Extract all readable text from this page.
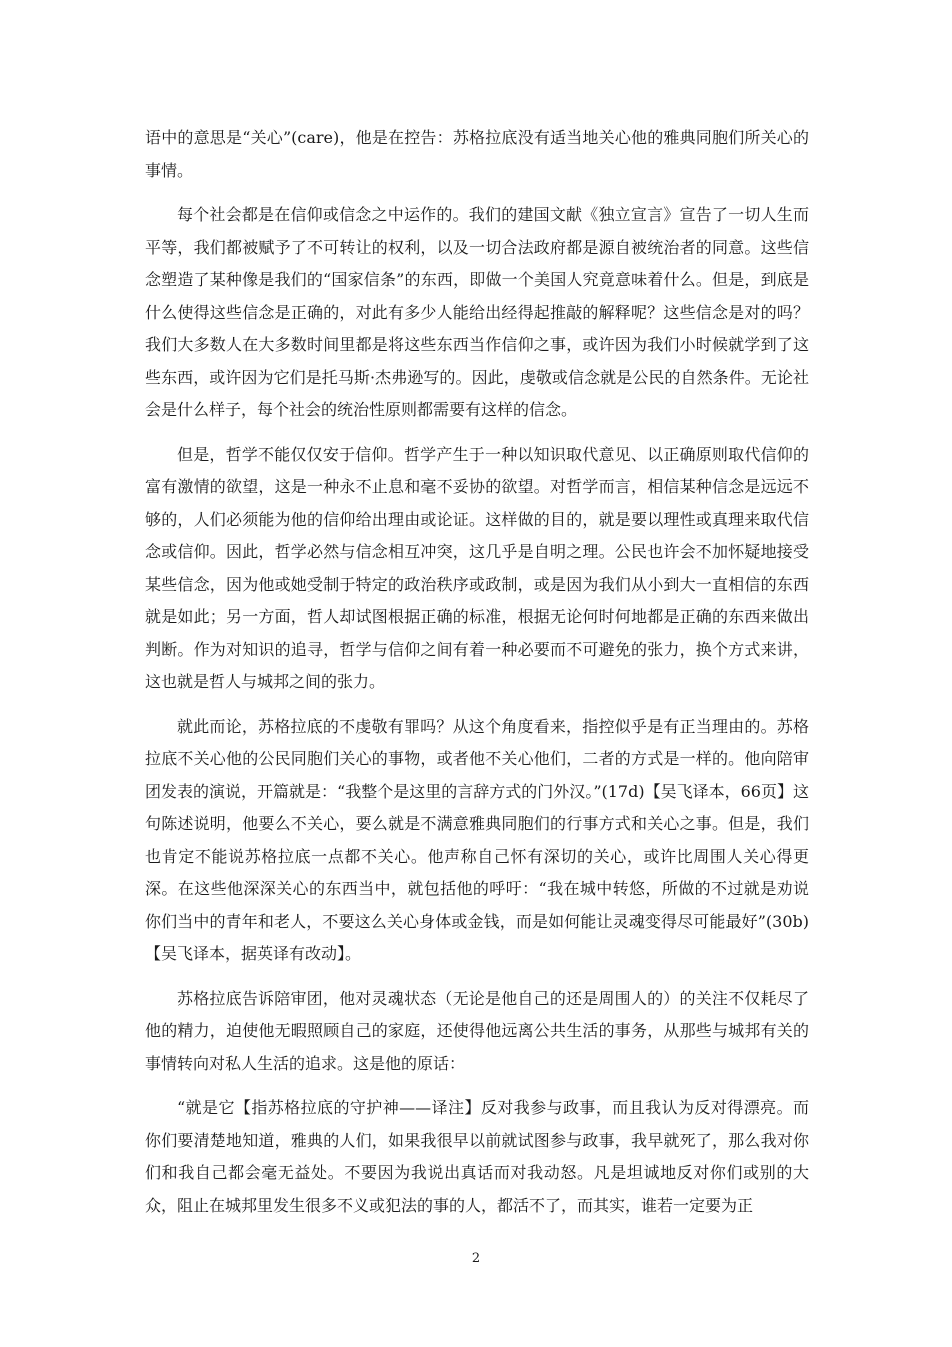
语中的意思是“关心”(care)，他是在控告：苏格拉底没有适当地关心他的雅典同胞们所关心的事情。

每个社会都是在信仰或信念之中运作的。我们的建国文献《独立宣言》宣告了一切人生而平等，我们都被赋予了不可转让的权利，以及一切合法政府都是源自被统治者的同意。这些信念塑造了某种像是我们的“国家信条”的东西，即做一个美国人究竟意味着什么。但是，到底是什么使得这些信念是正确的，对此有多少人能给出经得起推敲的解释呢？这些信念是对的吗？我们大多数人在大多数时间里都是将这些东西当作信仰之事，或许因为我们小时候就学到了这些东西，或许因为它们是托马斯·杰弗逊写的。因此，虔敬或信念就是公民的自然条件。无论社会是什么样子，每个社会的统治性原则都需要有这样的信念。

但是，哲学不能仅仅安于信仰。哲学产生于一种以知识取代意见、以正确原则取代信仰的富有激情的欲望，这是一种永不止息和毫不妥协的欲望。对哲学而言，相信某种信念是远远不够的，人们必须能为他的信仰给出理由或论证。这样做的目的，就是要以理性或真理来取代信念或信仰。因此，哲学必然与信念相互冲突，这几乎是自明之理。公民也许会不加怀疑地接受某些信念，因为他或她受制于特定的政治秩序或政制，或是因为我们从小到大一直相信的东西就是如此；另一方面，哲人却试图根据正确的标准，根据无论何时何地都是正确的东西来做出判断。作为对知识的追寻，哲学与信仰之间有着一种必要而不可避免的张力，换个方式来讲，这也就是哲人与城邦之间的张力。

就此而论，苏格拉底的不虔敬有罪吗？从这个角度看来，指控似乎是有正当理由的。苏格拉底不关心他的公民同胞们关心的事物，或者他不关心他们，二者的方式是一样的。他向陪审团发表的演说，开篇就是：“我整个是这里的言辞方式的门外汉。”(17d)【吴飞译本，66页】这句陈述说明，他要么不关心，要么就是不满意雅典同胞们的行事方式和关心之事。但是，我们也肯定不能说苏格拉底一点都不关心。他声称自己怀有深切的关心，或许比周围人关心得更深。在这些他深深关心的东西当中，就包括他的呼吁：“我在城中转悠，所做的不过就是劝说你们当中的青年和老人，不要这么关心身体或金钱，而是如何能让灵魂变得尽可能最好”(30b)【吴飞译本，据英译有改动】。

苏格拉底告诉陪审团，他对灵魂状态（无论是他自己的还是周围人的）的关注不仅耗尽了他的精力，迫使他无暇照顾自己的家庭，还使得他远离公共生活的事务，从那些与城邦有关的事情转向对私人生活的追求。这是他的原话：

“就是它【指苏格拉底的守护神——译注】反对我参与政事，而且我认为反对得漂亮。而你们要清楚地知道，雅典的人们，如果我很早以前就试图参与政事，我早就死了，那么我对你们和我自己都会毫无益处。不要因为我说出真话而对我动怒。凡是坦诚地反对你们或别的大众，阻止在城邦里发生很多不义或犯法的事的人，都活不了，而其实，谁若一定要为正

2
